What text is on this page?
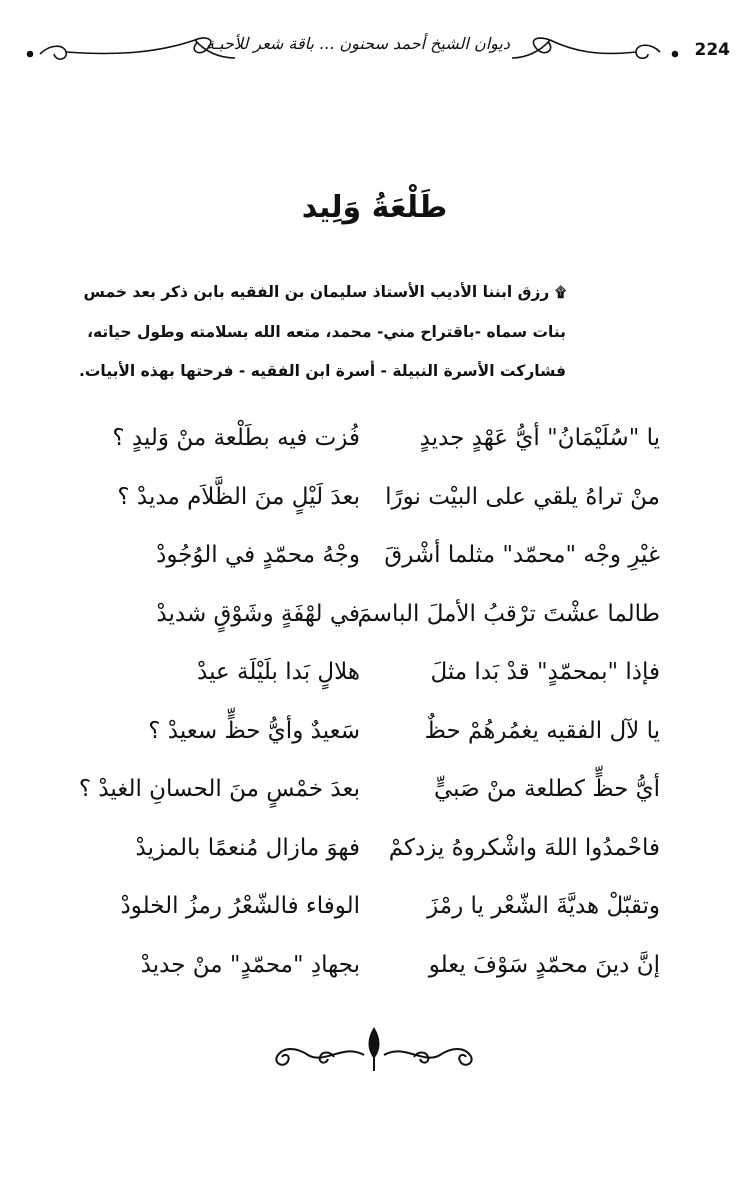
ديوان الشيخ أحمد سحنون ... باقة شعر للأحبـة	224
طَلْعَةُ وَلِيد
۩رزق ابننا الأديب الأستاذ سليمان بن الفقيه بابن ذكر بعد خمس
بنات سماه -باقتراح مني- محمد، متعه الله بسلامته وطول حياته،
فشاركت الأسرة النبيلة - أسرة ابن الفقيه - فرحتها بهذه الأبيات.
يا "سُلَيْمَانُ" أيُّ عَهْدٍ جديدٍ
فُزت فيه بطَلْعة منْ وَليدٍ ؟
منْ تراهُ يلقي على البيْت نورًا
بعدَ لَيْلٍ منَ الظَّلاَم مديدْ ؟
غيْرِ وجْه "محمّد" مثلما أشْرقَ
وجْهُ محمّدٍ في الوُجُودْ
طالما عشْتَ ترْقبُ الأملَ الباسمَ
في لهْفَةٍ وشَوْقٍ شديدْ
فإذا "بمحمّدٍ" قدْ بَدا مثلَ
هلالٍ بَدا بلَيْلَة عيدْ
يا لآل الفقيه يغمُرهُمْ حظٌ
سَعيدٌ وأيُّ حظٍّ سعيدْ ؟
أيُّ حظٍّ كطلعة منْ صَبيٍّ
بعدَ خمْسٍ منَ الحسانِ الغيدْ ؟
فاحْمدُوا اللهَ واشْكروهُ يزدكمْ
فهوَ مازال مُنعمًا بالمزيدْ
وتقبّلْ هديَّةَ الشّعْر يا رمْزَ
الوفاء فالشّعْرُ رمزُ الخلودْ
إنَّ دينَ محمّدٍ سَوْفَ يعلو
بجهادِ "محمّدٍ" منْ جديدْ
